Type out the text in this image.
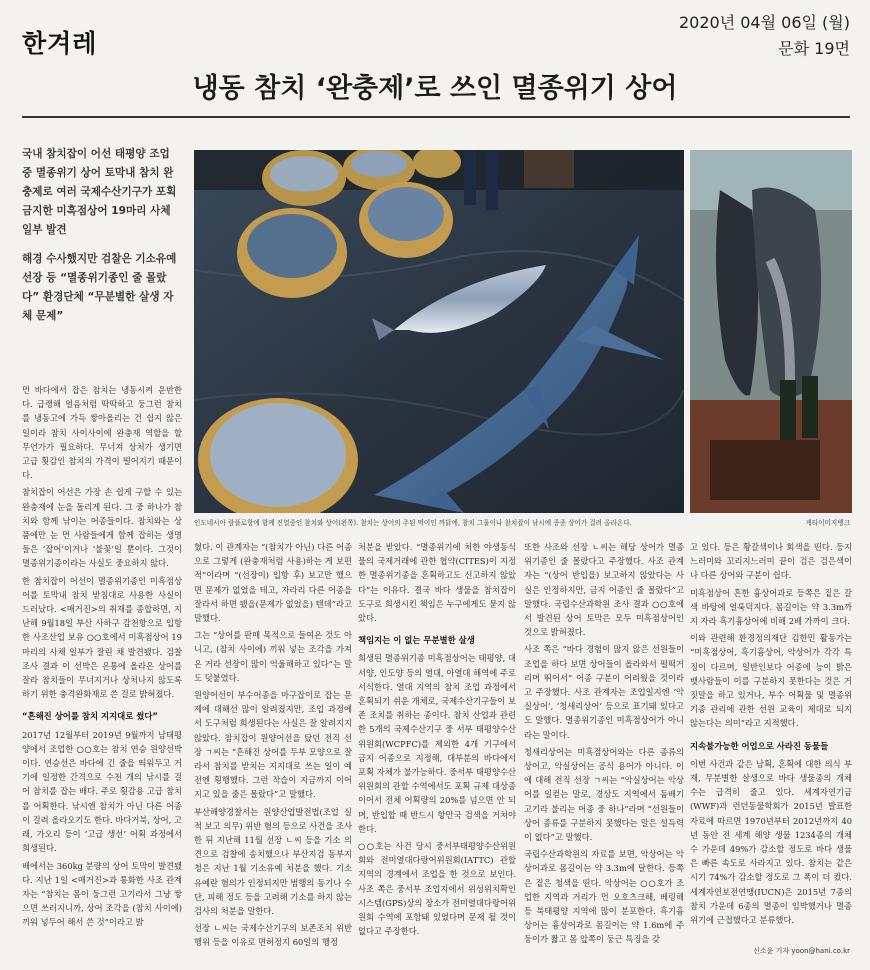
한겨레
2020년 04월 06일 (월)
문화 19면
냉동 참치 ‘완충제’로 쓰인 멸종위기 상어

국내 참치잡이 어선 태평양 조업 중 멸종위기 상어 토막내 참치 완충제로 여러 국제수산기구가 포획 금지한 미흑점상어 19마리 사체 일부 발견

해경 수사했지만 검찰은 기소유예 선장 등 “멸종위기종인 줄 몰랐다” 환경단체 “무분별한 살생 자체 문제”

인도네시아 람플로항에 함께 진열중인 참치와 상어(왼쪽). 참치는 상어의 주된 먹이인 까닭에, 참치 그물이나 참치잡이 낚시에 종종 상어가 걸려 올라온다.	게티이미지뱅크

먼 바다에서 잡은 참치는 냉동시켜 운반한다. 급랭해 얼음처럼 딱딱하고 둥그런 참치를 냉동고에 가득 쌓아올리는 건 쉽지 않은 일이라 참치 사이사이에 완충재 역할을 할 무언가가 필요하다. 무너져 상처가 생기면 고급 횟감인 참치의 가격이 떨어지기 때문이다.

참치잡이 어선은 가장 손 쉽게 구할 수 있는 완충재에 눈을 돌리게 된다. 그 중 하나가 참치와 함께 낚이는 어종들이다. 참치와는 상품에만 눈 먼 사람들에게 함께 잡히는 생명들은 ‘잡어’이거나 ‘불꽃’일 뿐이다. 그것이 멸종위기종이라는 사실도 중요하지 않다.

한 참치잡이 어선이 멸종위기종인 미흑점상어를 토막내 참치 받침대로 사용한 사실이 드러났다. <매거진>의 취재를 종합하면, 지난해 9월18일 부산 사하구 감천항으로 입항한 사조산업 보유 ○○호에서 미흑점상어 19마리의 사체 일부가 잘린 채 발견됐다. 검찰 조사 결과 이 선박은 온통에 올라온 상어를 잘라 참치들이 무너지거나 상처나지 않도록 하기 위한 충격완화재로 쓴 걸로 밝혀졌다.

“흔해진 상어를 참치 지지대로 썼다”

2017년 12월부터 2019년 9월까지 남태평양에서 조업한 ○○호는 참치 연승 원양선박이다. 연승선은 바다에 긴 줄을 띄워두고 거기에 일정한 간격으로 수천 개의 낚시를 걸어 참치를 잡는 배다. 주로 횟감용 고급 참치를 어획한다. 낚시엔 참치가 아닌 다른 어종이 걸려 올라오기도 한다. 바다거북, 상어, 고래, 가오리 등이 ‘고급 생선’ 어획 과정에서 희생된다.

배에서는 360kg 분량의 상어 토막이 발견됐다. 지난 1일 <매거진>과 통화한 사조 관계자는 “참치는 몸이 둥그런 고기라서 그냥 쌓으면 쓰러지니까, 상어 조각을 (참치 사이에) 끼워 넣두어 해서 쓴 것”이라고 밝

혔다. 이 관계자는 “(참치가 아닌) 다른 어종으로 그렇게 (완충재처럼 사용)하는 게 보편적”이라며 “(선장이) 입항 후) 보고만 했으면 문제가 없었을 테고, 자라리 다른 어종을 잘라서 하면 됐을(문제가 없었을) 텐데”라고 말했다.

그는 “상어를 판매 목적으로 들여온 것도 아니고, (참치 사이에) 끼워 넣는 조각을 가져온 거라 선장이 많이 억울해하고 있다”는 말도 덧붙였다.

원양어선이 부수어종을 마구잡이로 잡는 문제에 대해선 많이 알려졌지만, 조업 과정에서 도구처럼 희생된다는 사실은 잘 알려지지 않았다. 참치잡이 원양어선을 탔던 전직 선장 ㄱ씨는 “흔해진 상어를 두부 모양으로 잘라서 참치를 받치는 지지대로 쓰는 일이 예전엔 횡행했다. 그런 작습이 지금까지 이어지고 있을 줄은 몰랐다”고 말했다.

부산해양경찰서는 원양산업발전법(조업 실적 보고 의무) 위반 혐의 등으로 사건을 조사한 뒤 지난해 11월 선장 ㄴ씨 등을 기소 의견으로 검찰에 송치했으나 부산지검 동부지청은 지난 1월 기소유예 처분을 했다. 기소유예란 혐의가 인정되지만 범행의 동기나 수단, 피해 정도 등을 고려해 기소를 하지 않는 검사의 처분을 말한다.

선장 ㄴ씨는 국제수산기구의 보존조치 위반 행위 등을 이유로 면허정지 60일의 행정

처분을 받았다. “멸종위기에 처한 야생동식물의 국제거래에 관한 협약(CITES)이 지정한 멸종위기종을 혼획하고도 신고하지 않았다”는 이유다. 결국 바다 생물을 참치잡이 도구로 희생시킨 책임은 누구에게도 묻지 않았다.

책임지는 이 없는 무분별한 살생

희생된 멸종위기종 미흑점상어는 태평양, 대서양, 인도양 등의 열대, 아열대 해역에 주로 서식한다. 열대 지역의 참치 조업 과정에서 혼획되기 쉬운 개체로, 국제수산기구들이 보존 조치를 취하는 종이다. 참치 산업과 관련한 5개의 국제수산기구 중 서부 태평양수산위원회(WCPFC)를 제외한 4개 기구에서 금지 어종으로 지정해, 대부분의 바다에서 포획 자체가 불가능하다. 중서부 태평양수산위원회의 관할 수역에서도 포획 규제 대상종이어서 전체 어획량의 20%를 넘으면 안 되며, 반입할 때 반드시 항만국 검색을 거쳐야 한다.

○○호는 사건 당시 중서부태평양수산위원회와 전미열대다랑어위원회(IATTC) 관할 지역의 경계에서 조업을 한 것으로 보인다. 사조 쪽은 중서부 조업지에서 위성위치확인시스템(GPS)상의 장소가 전미열대다랑어위원회 수역에 포함돼 있었다며 문제 될 것이 없다고 주장한다.

또한 사조와 선장 ㄴ씨는 해당 상어가 멸종위기종인 줄 몰랐다고 주장했다. 사조 관계자는 “(상어 반입을) 보고하지 않았다는 사실은 인정하지만, 금지 어종인 줄 몰랐다”고 말했다. 국립수산과학원 조사 결과 ○○호에서 발견된 상어 토막은 모두 미흑점상어인 것으로 밝혀졌다.

사조 쪽은 “바다 경험이 많지 않은 선원들이 조업을 하다 보면 상어들이 올라와서 펄떡거리며 뛰어서” 어종 구분이 어려웠을 것이라고 주장했다. 사조 관계자는 조업일지엔 ‘악실상어’, ‘청새리상어’ 등으로 표기돼 있다고도 말했다. 멸종위기종인 미흑점상어가 아니라는 말이다.

청새리상어는 미흑점상어와는 다른 종류의 상어고, 악실상어는 공식 용어가 아니다. 이에 대해 전직 선장 ㄱ씨는 “악실상어는 악상어를 일컫는 말로, 경상도 지역에서 돔배기 고기라 불리는 어종 중 하나”라며 “선원들이 상어 종류를 구분하지 못했다는 말은 설득력이 없다”고 말했다.

국립수산과학원의 자료를 보면, 악상어는 악상어과로 몸길이는 약 3.3m에 달한다. 등쪽은 짙은 청색을 띤다. 악상어는 ○○호가 조업한 지역과 거리가 먼 오호츠크해, 베링해 등 북태평양 지역에 많이 분포한다. 흑기흉상어는 흉상어과로 몸길이는 약 1.6m에 주둥이가 짧고 몸 앞쪽이 둥근 특징을 갖

고 있다. 등은 황갈색이나 회색을 띤다. 등지느러미와 꼬리지느러미 끝이 검은 검은색이나 다른 상어와 구분이 쉽다.

미흑점상어 흔한 흉상어과로 등쪽은 짙은 갈색 바탕에 얼룩덕지다. 몸길이는 약 3.3m까지 자라 흑기흉상어에 비해 2배 가까이 크다.

이와 관련해 환경정의재단 김한민 활동가는 “미흑점상어, 흑기흉상어, 악상어가 각각 특징이 다르며, 일반인보다 어종에 능이 밝은 뱃사람들이 이를 구분하지 못한다는 것은 거짓말을 하고 있거나, 부수 어획물 및 멸종위기종 관리에 관한 선원 교육이 제대로 되지 않는다는 의미”라고 지적했다.

지속불가능한 어업으로 사라진 동물들

이번 사건과 같은 남획, 혼획에 대한 의식 부재, 무분별한 살생으로 바다 생물종의 개체 수는 급격히 줄고 있다. 세계자연기금(WWF)과 런던동물학회가 2015년 발표한 자료에 따르면 1970년부터 2012년까지 40년 동안 전 세계 해양 생물 1234종의 개체 수 가운데 49%가 감소할 정도로 바다 생물은 빠른 속도로 사라지고 있다. 참치는 같은 시기 74%가 감소할 정도로 그 폭이 더 컸다. 세계자연보전연맹(IUCN)은 2015년 7종의 참치 가운데 6종의 멸종이 임박했거나 멸종위기에 근접했다고 분류했다.

신소윤 기자 yoon@hani.co.kr
